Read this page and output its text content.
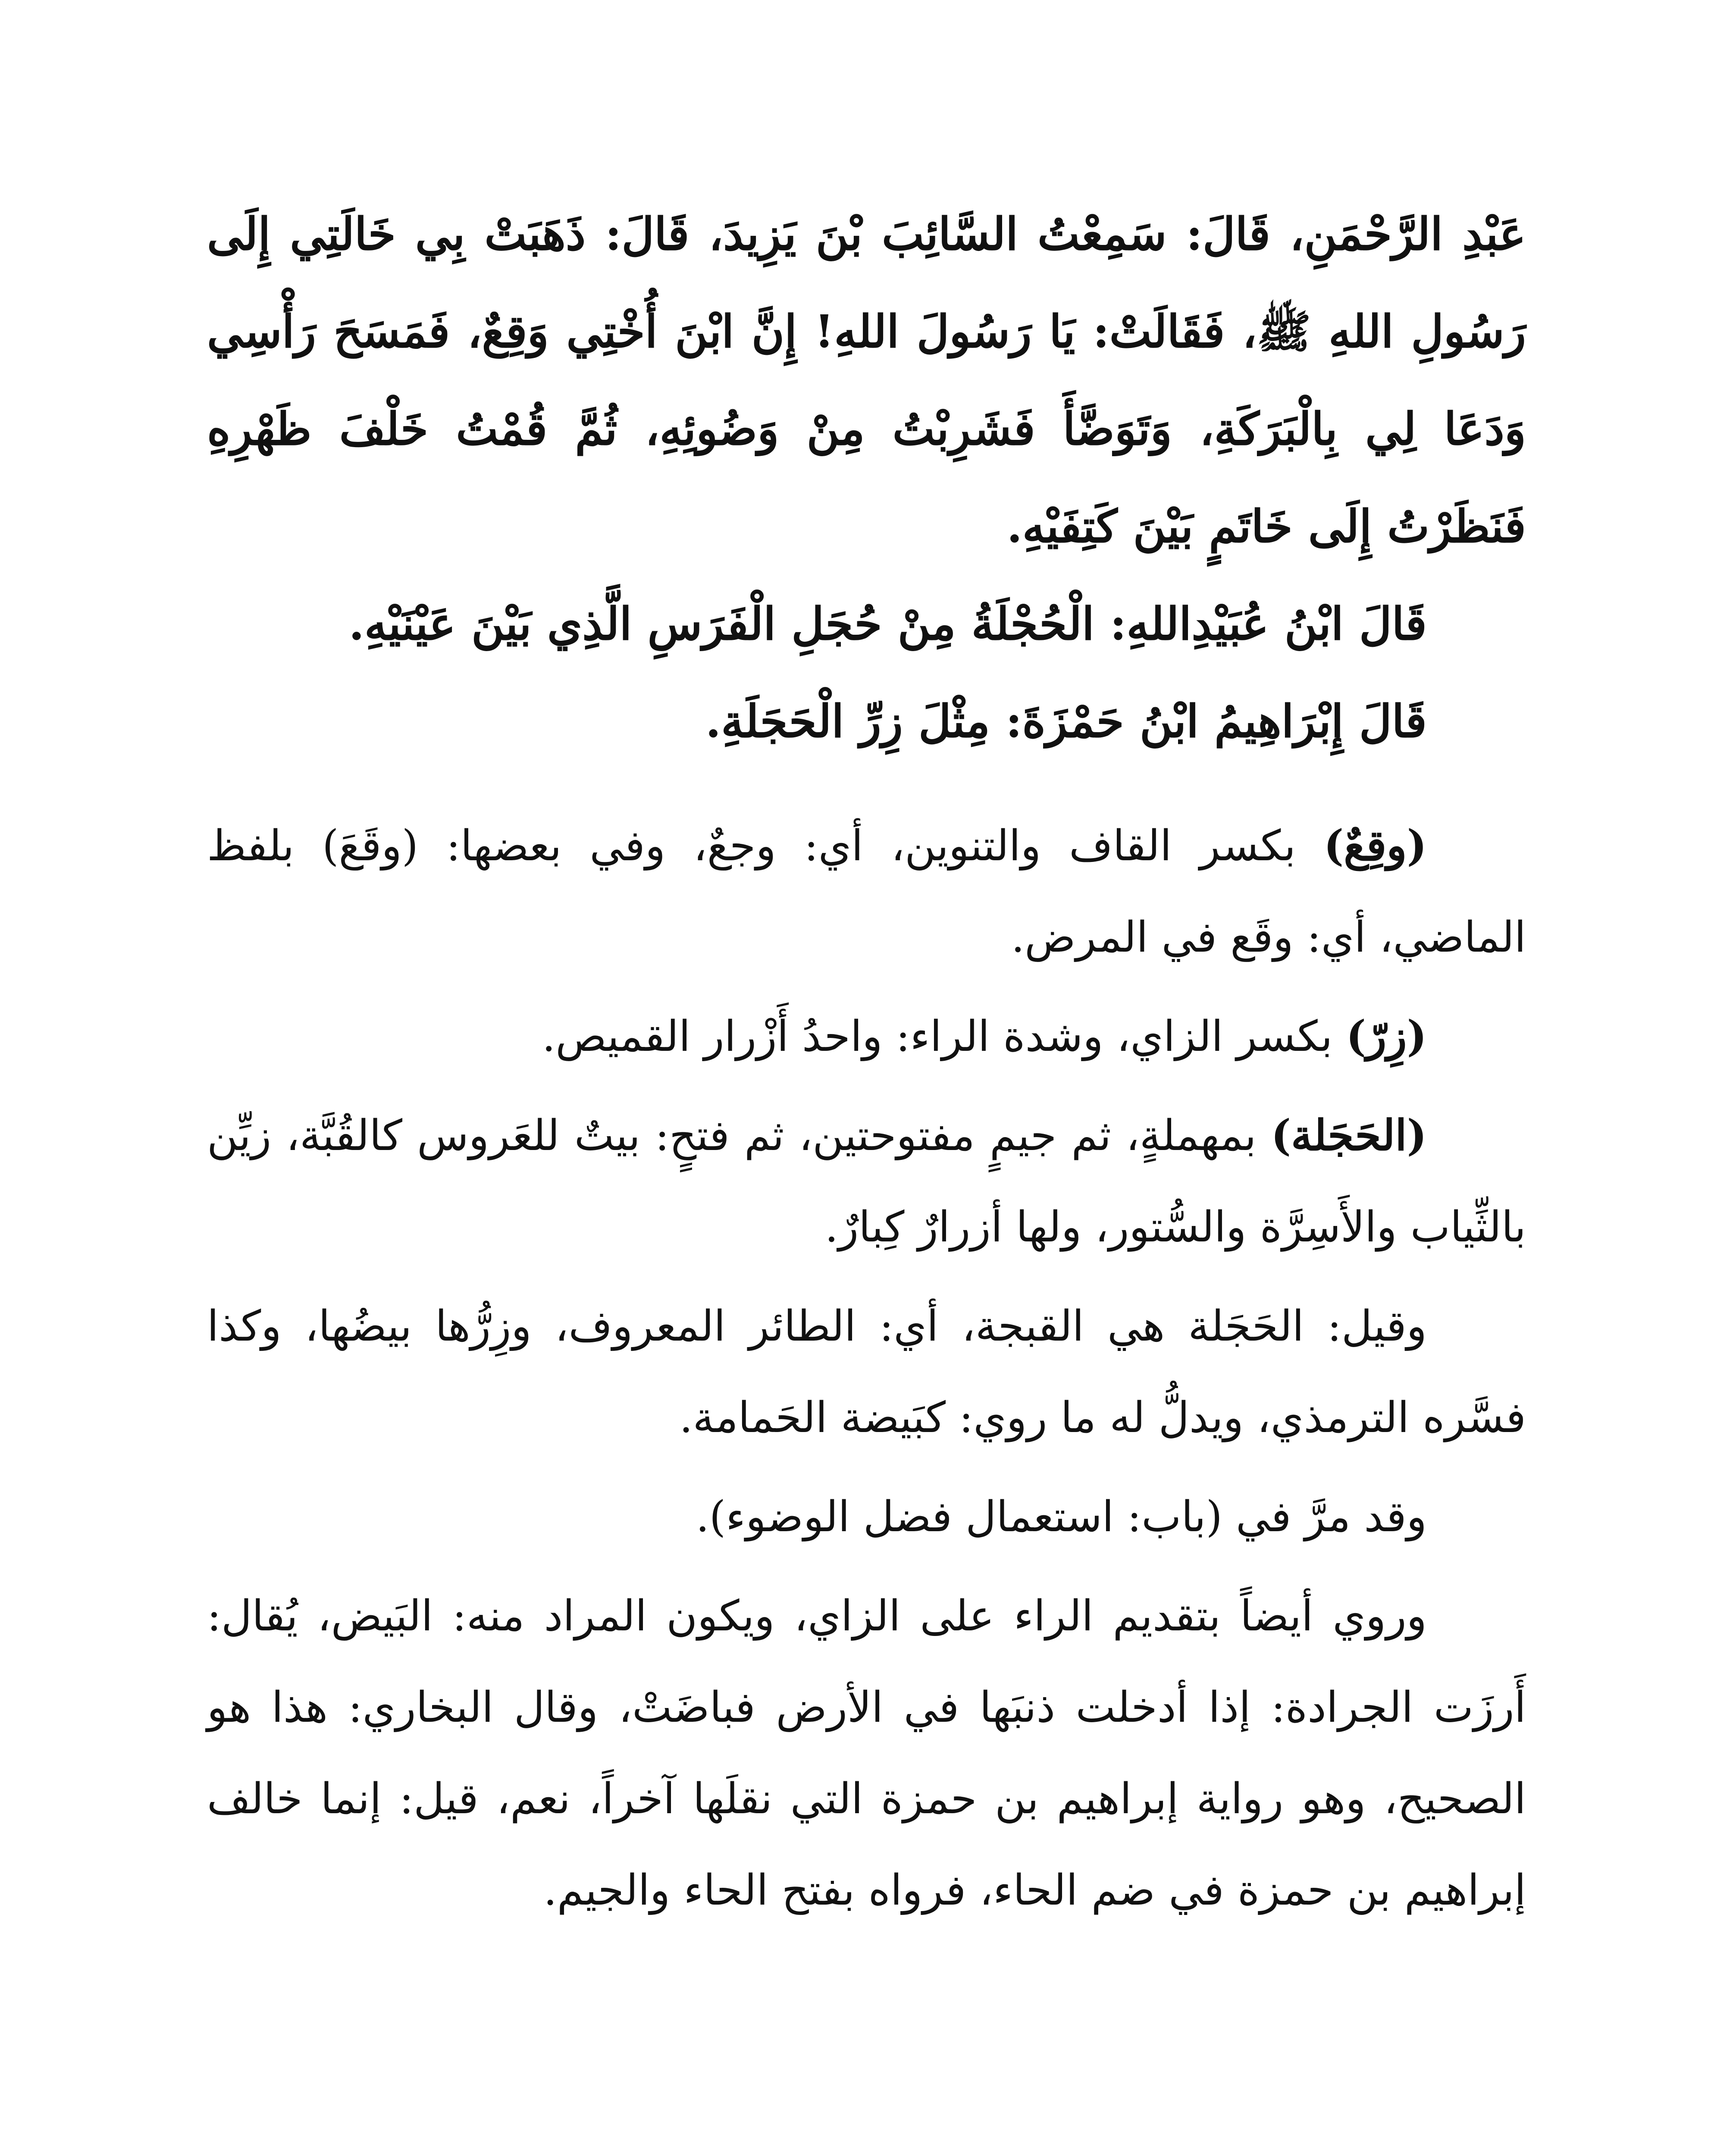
عَبْدِ الرَّحْمَنِ، قَالَ: سَمِعْتُ السَّائِبَ بْنَ يَزِيدَ، قَالَ: ذَهَبَتْ بِي خَالَتِي إِلَى رَسُولِ اللهِ ﷺ، فَقَالَتْ: يَا رَسُولَ اللهِ! إِنَّ ابْنَ أُخْتِي وَقِعٌ، فَمَسَحَ رَأْسِي وَدَعَا لِي بِالْبَرَكَةِ، وَتَوَضَّأَ فَشَرِبْتُ مِنْ وَضُوئِهِ، ثُمَّ قُمْتُ خَلْفَ ظَهْرِهِ فَنَظَرْتُ إِلَى خَاتَمٍ بَيْنَ كَتِفَيْهِ.

قَالَ ابْنُ عُبَيْدِاللهِ: الْحُجْلَةُ مِنْ حُجَلِ الْفَرَسِ الَّذِي بَيْنَ عَيْنَيْهِ.

قَالَ إِبْرَاهِيمُ ابْنُ حَمْزَةَ: مِثْلَ زِرِّ الْحَجَلَةِ.

(وقِعٌ) بكسر القاف والتنوين، أي: وجعٌ، وفي بعضها: (وقَعَ) بلفظ الماضي، أي: وقَع في المرض.

(زِرّ) بكسر الزاي، وشدة الراء: واحدُ أَزْرار القميص.

(الحَجَلة) بمهملةٍ، ثم جيمٍ مفتوحتين، ثم فتحٍ: بيتٌ للعَروس كالقُبَّة، زيِّن بالثِّياب والأَسِرَّة والسُّتور، ولها أزرارٌ كِبارٌ.

وقيل: الحَجَلة هي القبجة، أي: الطائر المعروف، وزِرُّها بيضُها، وكذا فسَّره الترمذي، ويدلُّ له ما روي: كبَيضة الحَمامة.

وقد مرَّ في (باب: استعمال فضل الوضوء).

وروي أيضاً بتقديم الراء على الزاي، ويكون المراد منه: البَيض، يُقال: أَرزَت الجرادة: إذا أدخلت ذنبَها في الأرض فباضَتْ، وقال البخاري: هذا هو الصحيح، وهو رواية إبراهيم بن حمزة التي نقلَها آخراً، نعم، قيل: إنما خالف إبراهيم بن حمزة في ضم الحاء، فرواه بفتح الحاء والجيم.
